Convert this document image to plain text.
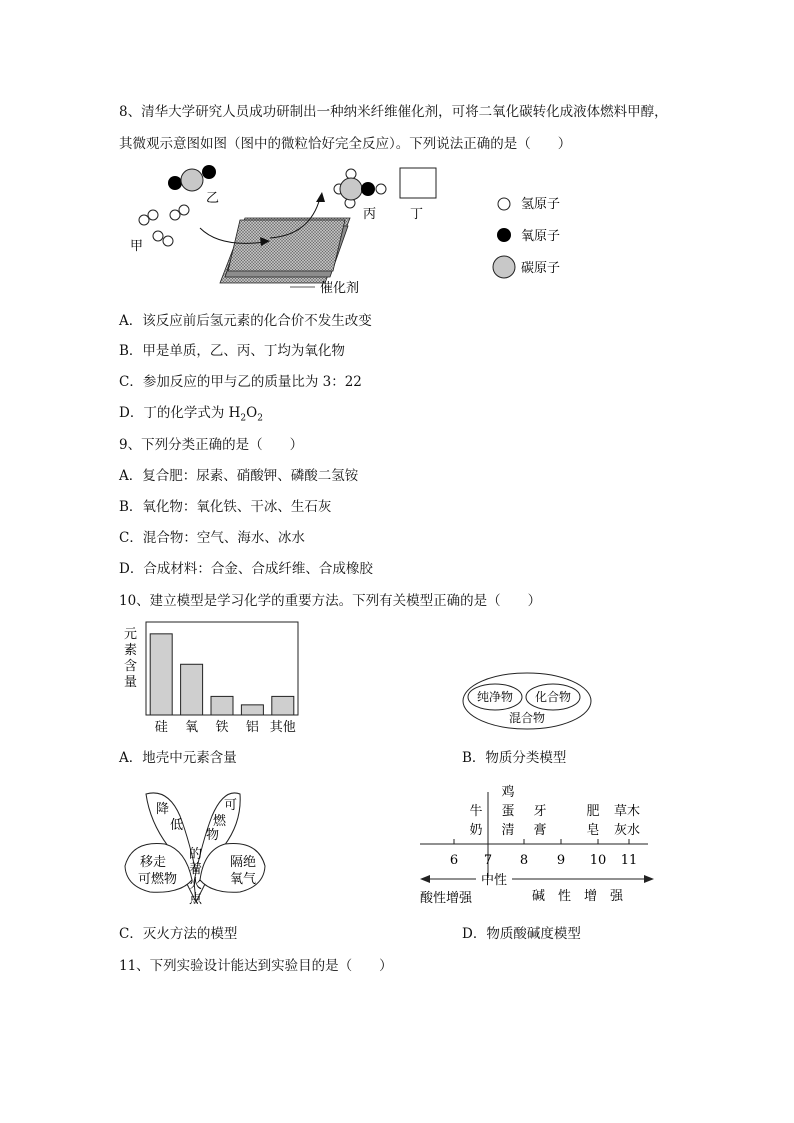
8、清华大学研究人员成功研制出一种纳米纤维催化剂，可将二氧化碳转化成液体燃料甲醇，
其微观示意图如图（图中的微粒恰好完全反应）。下列说法正确的是（　　）
催化剂
乙
甲
丙	丁
氢原子
氧原子
碳原子
A．该反应前后氢元素的化合价不发生改变
B．甲是单质，乙、丙、丁均为氧化物
C．参加反应的甲与乙的质量比为 3：22
D．丁的化学式为 $H_2O_2$
9、下列分类正确的是（　　）
A．复合肥：尿素、硝酸钾、磷酸二氢铵
B．氧化物：氧化铁、干冰、生石灰
C．混合物：空气、海水、冰水
D．合成材料：合金、合成纤维、合成橡胶
10、建立模型是学习化学的重要方法。下列有关模型正确的是（　　）
元
素
含
量
硅 氧 铁 铝 其他
纯净物 化合物
混合物
A．地壳中元素含量	B．物质分类模型
降
低
可
燃
物
的
着
火
点
移走
可燃物
隔绝
氧气
6 7 8 9 10 11
牛
奶
鸡
蛋
清
牙
膏
肥
皂
草木
灰水
中性
酸性增强	碱　性　增　强
C．灭火方法的模型	D．物质酸碱度模型
11、下列实验设计能达到实验目的是（　　）
